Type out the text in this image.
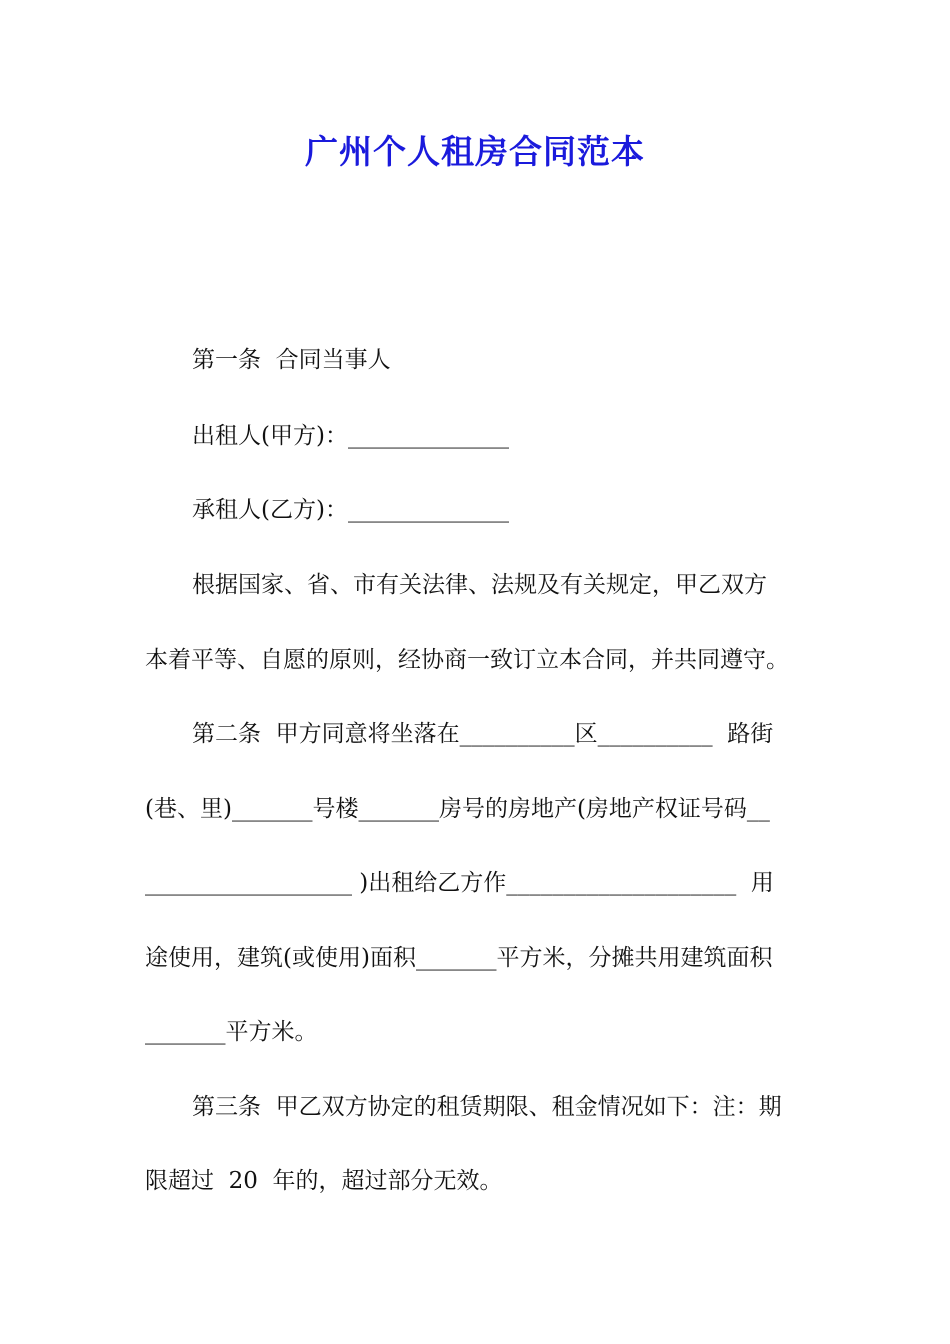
广州个人租房合同范本
第一条  合同当事人
出租人(甲方)：______________
承租人(乙方)：______________
根据国家、省、市有关法律、法规及有关规定，甲乙双方
本着平等、自愿的原则，经协商一致订立本合同，并共同遵守。
第二条  甲方同意将坐落在__________区__________  路街
(巷、里)_______号楼_______房号的房地产(房地产权证号码__
__________________ )出租给乙方作____________________  用
途使用，建筑(或使用)面积_______平方米，分摊共用建筑面积
_______平方米。
第三条  甲乙双方协定的租赁期限、租金情况如下：注：期
限超过  20  年的，超过部分无效。
